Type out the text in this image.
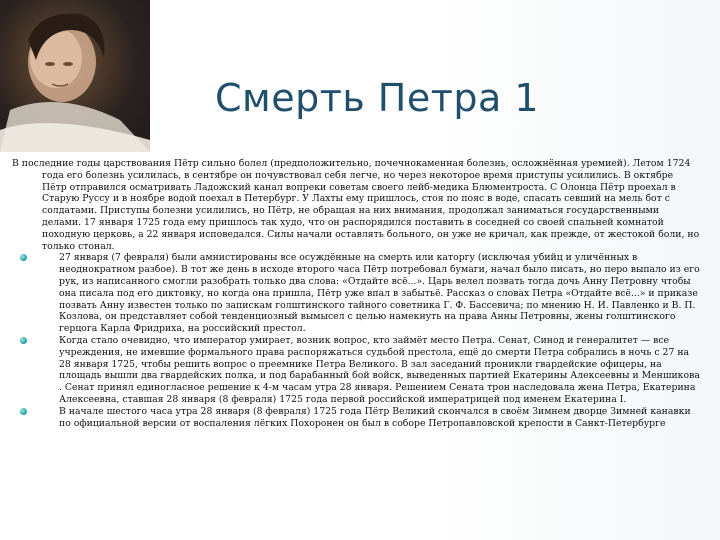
Смерть Петра 1

В последние годы царствования Пётр сильно болел (предположительно, почечнокаменная болезнь, осложнённая уремией). Летом 1724 года его болезнь усилилась, в сентябре он почувствовал себя легче, но через некоторое время приступы усилились. В октябре Пётр отправился осматривать Ладожский канал вопреки советам своего лейб-медика Блюментроста. С Олонца Пётр проехал в Старую Руссу и в ноябре водой поехал в Петербург. У Лахты ему пришлось, стоя по пояс в воде, спасать севший на мель бот с солдатами. Приступы болезни усилились, но Пётр, не обращая на них внимания, продолжал заниматься государственными делами. 17 января 1725 года ему пришлось так худо, что он распорядился поставить в соседней со своей спальней комнатой походную церковь, а 22 января исповедался. Силы начали оставлять больного, он уже не кричал, как прежде, от жестокой боли, но только стонал.

27 января (7 февраля) были амнистированы все осуждённые на смерть или каторгу (исключая убийц и уличённых в неоднократном разбое). В тот же день в исходе второго часа Пётр потребовал бумаги, начал было писать, но перо выпало из его рук, из написанного смогли разобрать только два слова: «Отдайте всё...». Царь велел позвать тогда дочь Анну Петровну чтобы она писала под его диктовку, но когда она пришла, Пётр уже впал в забытьё. Рассказ о словах Петра «Отдайте всё...» и приказе позвать Анну известен только по запискам голштинского тайного советника Г. Ф. Бассевича; по мнению Н. И. Павленко и В. П. Козлова, он представляет собой тенденциозный вымысел с целью намекнуть на права Анны Петровны, жены голштинского герцога Карла Фридриха, на российский престол.
Когда стало очевидно, что император умирает, возник вопрос, кто займёт место Петра. Сенат, Синод и генералитет — все учреждения, не имевшие формального права распоряжаться судьбой престола, ещё до смерти Петра собрались в ночь с 27 на 28 января 1725, чтобы решить вопрос о преемнике Петра Великого. В зал заседаний проникли гвардейские офицеры, на площадь вышли два гвардейских полка, и под барабанный бой войск, выведенных партией Екатерины Алексеевны и Меншикова . Сенат принял единогласное решение к 4-м часам утра 28 января. Решением Сената трон наследовала жена Петра, Екатерина Алексеевна, ставшая 28 января (8 февраля) 1725 года первой российской императрицей под именем Екатерина I.
В начале шестого часа утра 28 января (8 февраля) 1725 года Пётр Великий скончался в своём Зимнем дворце Зимней канавки по официальной версии от воспаления лёгких Похоронен он был в соборе Петропавловской крепости в Санкт-Петербурге
